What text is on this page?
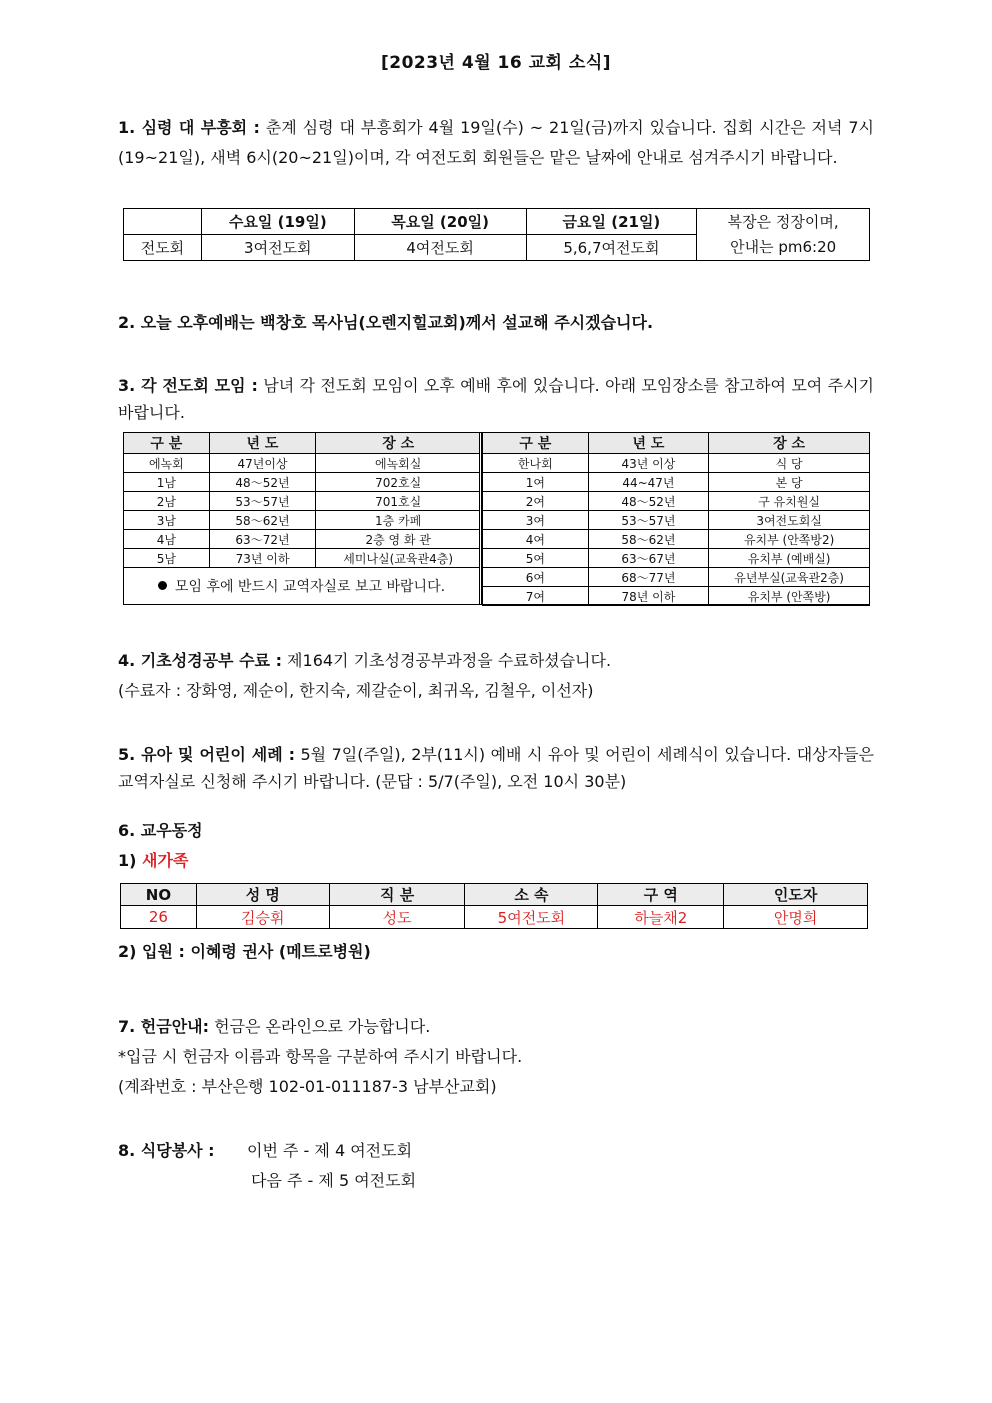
[2023년 4월 16 교회 소식]
1. 심령 대 부흥회 : 춘계 심령 대 부흥회가 4월 19일(수) ~ 21일(금)까지 있습니다. 집회 시간은 저녁 7시(19~21일), 새벽 6시(20~21일)이며, 각 여전도회 회원들은 맡은 날짜에 안내로 섬겨주시기 바랍니다.
	수요일 (19일)	목요일 (20일)	금요일 (21일)	복장은 정장이며,
안내는 pm6:20

전도회	3여전도회	4여전도회	5,6,7여전도회	
2. 오늘 오후예배는 백창호 목사님(오렌지힐교회)께서 설교해 주시겠습니다.
3. 각 전도회 모임 : 남녀 각 전도회 모임이 오후 예배 후에 있습니다. 아래 모임장소를 참고하여 모여 주시기 바랍니다.
구 분	년 도	장 소
에녹회	47년이상	에녹회실
1남	48～52년	702호실
2남	53～57년	701호실
3남	58～62년	1층 카페
4남	63～72년	2층 영 화 관
5남	73년 이하	세미나실(교육관4층)
모임 후에 반드시 교역자실로 보고 바랍니다.
구 분	년 도	장 소
한나회	43년 이상	식 당
1여	44~47년	본 당
2여	48～52년	구 유치원실
3여	53～57년	3여전도회실
4여	58～62년	유치부 (안쪽방2)
5여	63～67년	유치부 (예배실)
6여	68～77년	유년부실(교육관2층)
7여	78년 이하	유치부 (안쪽방)
4. 기초성경공부 수료 : 제164기 기초성경공부과정을 수료하셨습니다.
(수료자 : 장화영, 제순이, 한지숙, 제갈순이, 최귀옥, 김철우, 이선자)
5. 유아 및 어린이 세례 : 5월 7일(주일), 2부(11시) 예배 시 유아 및 어린이 세례식이 있습니다. 대상자들은 교역자실로 신청해 주시기 바랍니다. (문답 : 5/7(주일), 오전 10시 30분)
6. 교우동정
1) 새가족
NO	성 명	직 분	소 속	구 역	인도자
26	김승휘	성도	5여전도회	하늘채2	안명희
2) 입원 : 이혜령 권사 (메트로병원)
7. 헌금안내: 헌금은 온라인으로 가능합니다.
*입금 시 헌금자 이름과 항목을 구분하여 주시기 바랍니다.
(계좌번호 : 부산은행 102-01-011187-3 남부산교회)
8. 식당봉사 : 이번 주 - 제 4 여전도회
다음 주 - 제 5 여전도회
